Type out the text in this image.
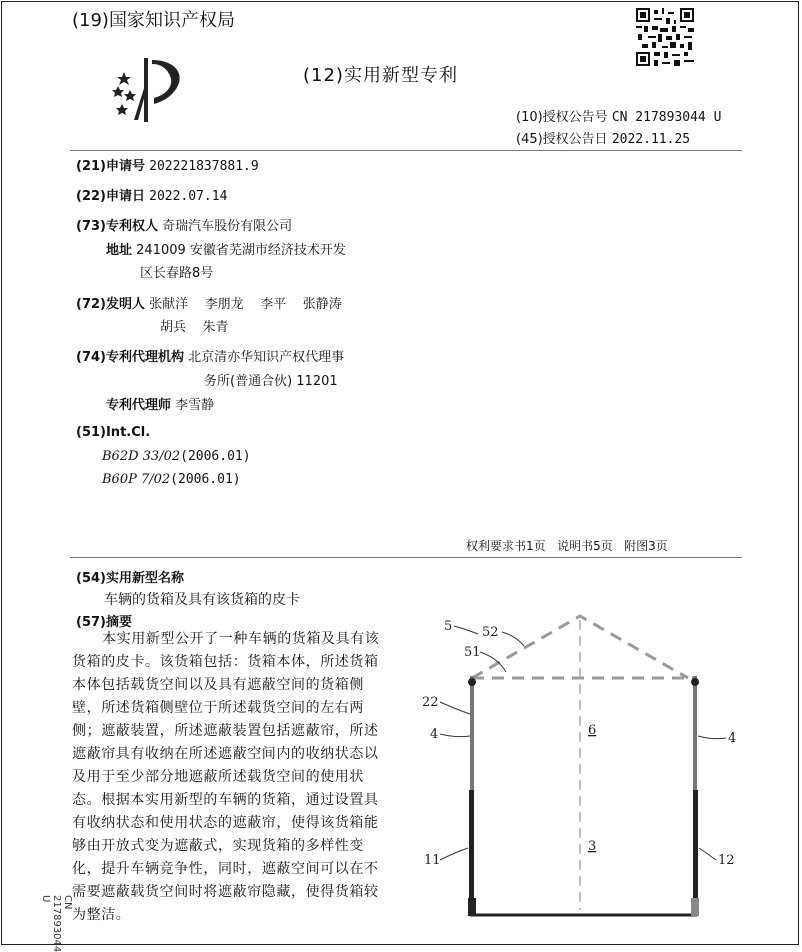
(19)国家知识产权局
(12)实用新型专利
(10)授权公告号 CN 217893044 U
(45)授权公告日 2022.11.25
(21)申请号 202221837881.9
(22)申请日 2022.07.14
(73)专利权人 奇瑞汽车股份有限公司
地址 241009 安徽省芜湖市经济技术开发
区长春路8号
(72)发明人 张献洋 李朋龙 李平 张静涛
胡兵 朱青
(74)专利代理机构 北京清亦华知识产权代理事
务所(普通合伙) 11201
专利代理师 李雪静
(51)Int.Cl.
B62D 33/02(2006.01)
B60P 7/02(2006.01)
权利要求书1页   说明书5页   附图3页
(54)实用新型名称
车辆的货箱及具有该货箱的皮卡
(57)摘要
本实用新型公开了一种车辆的货箱及具有该货箱的皮卡。该货箱包括：货箱本体，所述货箱本体包括载货空间以及具有遮蔽空间的货箱侧壁，所述货箱侧壁位于所述载货空间的左右两侧；遮蔽装置，所述遮蔽装置包括遮蔽帘，所述遮蔽帘具有收纳在所述遮蔽空间内的收纳状态以及用于至少部分地遮蔽所述载货空间的使用状态。根据本实用新型的车辆的货箱，通过设置具有收纳状态和使用状态的遮蔽帘，使得该货箱能够由开放式变为遮蔽式，实现货箱的多样性变化，提升车辆竞争性，同时，遮蔽空间可以在不需要遮蔽载货空间时将遮蔽帘隐藏，使得货箱较为整洁。
5 52
51
22
4	4
6
3
11	12
CN 217893044 U
